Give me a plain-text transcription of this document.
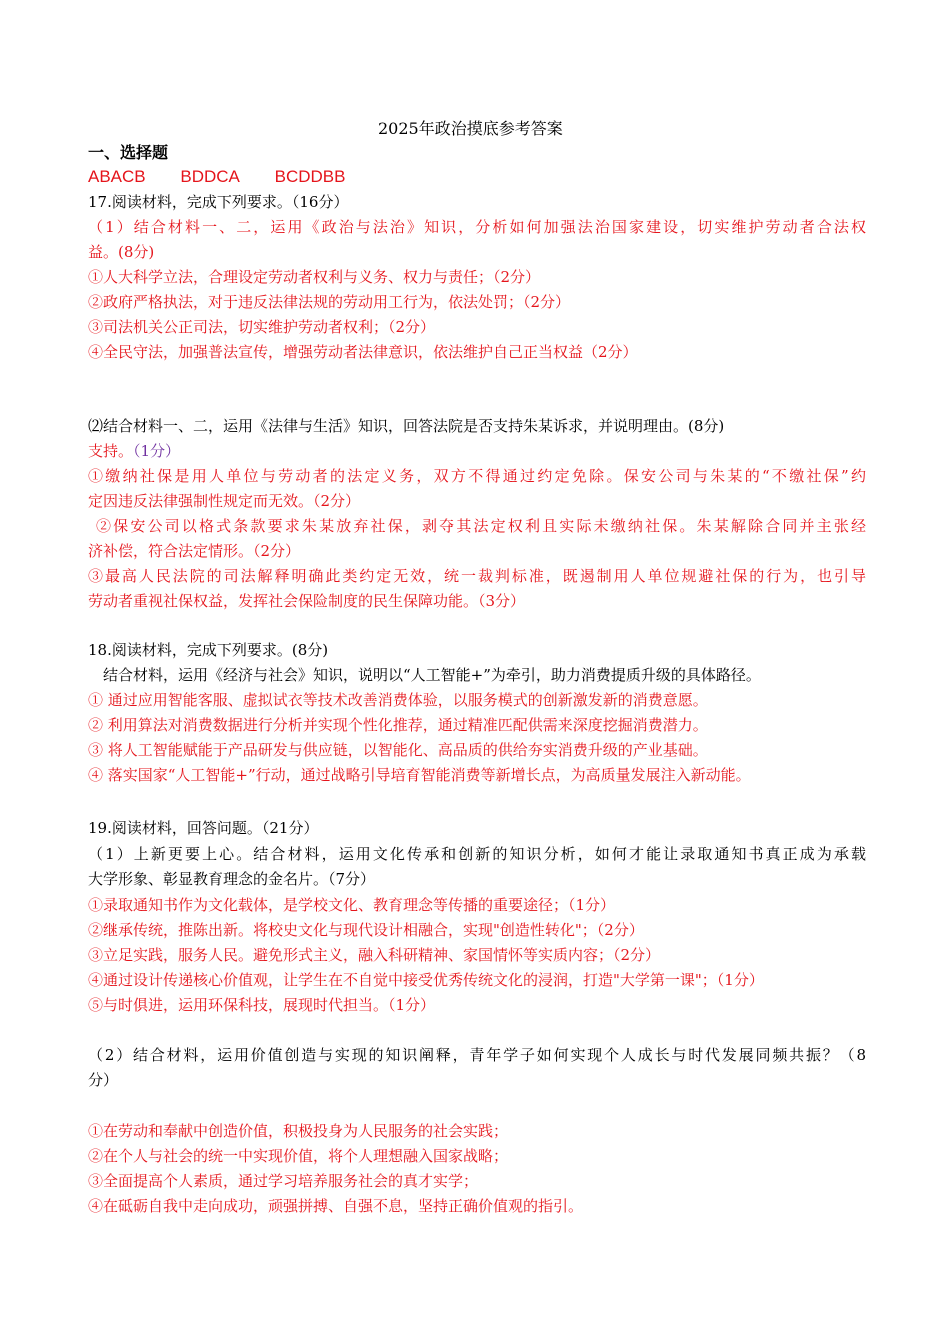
2025年政治摸底参考答案
一、选择题
ABACB BDDCA BCDDBB
17.阅读材料，完成下列要求。（16分）
（1）结合材料一、二，运用《政治与法治》知识，分析如何加强法治国家建设，切实维护劳动者合法权
益。(8分)
①人大科学立法，合理设定劳动者权利与义务、权力与责任；（2分）
②政府严格执法，对于违反法律法规的劳动用工行为，依法处罚；（2分）
③司法机关公正司法，切实维护劳动者权利；（2分）
④全民守法，加强普法宣传，增强劳动者法律意识，依法维护自己正当权益（2分）
⑵结合材料一、二，运用《法律与生活》知识，回答法院是否支持朱某诉求，并说明理由。(8分)
支持。（1分）
①缴纳社保是用人单位与劳动者的法定义务，双方不得通过约定免除。保安公司与朱某的“不缴社保”约
定因违反法律强制性规定而无效。（2分）
②保安公司以格式条款要求朱某放弃社保，剥夺其法定权利且实际未缴纳社保。朱某解除合同并主张经
济补偿，符合法定情形。（2分）
③最高人民法院的司法解释明确此类约定无效，统一裁判标准，既遏制用人单位规避社保的行为，也引导
劳动者重视社保权益，发挥社会保险制度的民生保障功能。（3分）
18.阅读材料，完成下列要求。(8分)
结合材料，运用《经济与社会》知识，说明以“人工智能+”为牵引，助力消费提质升级的具体路径。
① 通过应用智能客服、虚拟试衣等技术改善消费体验，以服务模式的创新激发新的消费意愿。
② 利用算法对消费数据进行分析并实现个性化推荐，通过精准匹配供需来深度挖掘消费潜力。
③ 将人工智能赋能于产品研发与供应链，以智能化、高品质的供给夯实消费升级的产业基础。
④ 落实国家“人工智能+”行动，通过战略引导培育智能消费等新增长点，为高质量发展注入新动能。
19.阅读材料，回答问题。（21分）
（1）上新更要上心。结合材料，运用文化传承和创新的知识分析，如何才能让录取通知书真正成为承载
大学形象、彰显教育理念的金名片。（7分）
①录取通知书作为文化载体，是学校文化、教育理念等传播的重要途径；（1分）
②继承传统，推陈出新。将校史文化与现代设计相融合，实现"创造性转化"；（2分）
③立足实践，服务人民。避免形式主义，融入科研精神、家国情怀等实质内容；（2分）
④通过设计传递核心价值观，让学生在不自觉中接受优秀传统文化的浸润，打造"大学第一课"；（1分）
⑤与时俱进，运用环保科技，展现时代担当。（1分）
（2）结合材料，运用价值创造与实现的知识阐释，青年学子如何实现个人成长与时代发展同频共振？（8
分）
①在劳动和奉献中创造价值，积极投身为人民服务的社会实践；
②在个人与社会的统一中实现价值，将个人理想融入国家战略；
③全面提高个人素质，通过学习培养服务社会的真才实学；
④在砥砺自我中走向成功，顽强拼搏、自强不息，坚持正确价值观的指引。
